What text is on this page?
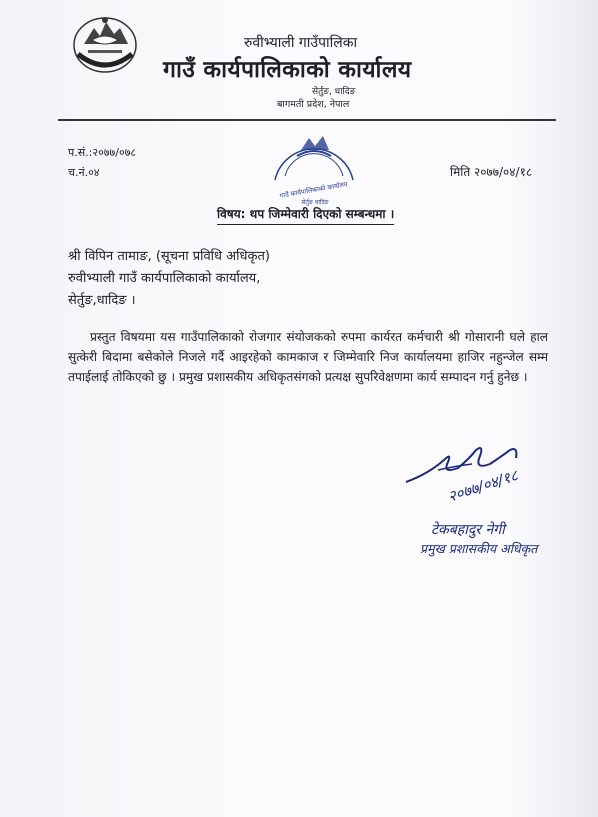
रुवीभ्याली गाउँपालिका
गाउँ कार्यपालिकाको कार्यालय
सेर्तुङ, धादिङ
बागमती प्रदेश, नेपाल
गाउँ कार्यपालिकाको कार्यालय
सेर्तुङ धादिङ
प.सं.:२०७७/०७८
च.नं.०४	मिति २०७७/०४/१८
विषय: थप जिम्मेवारी दिएको सम्बन्धमा ।
श्री विपिन तामाङ, (सूचना प्रविधि अधिकृत)
रुवीभ्याली गाउँ कार्यपालिकाको कार्यालय,
सेर्तुङ,धादिङ ।
प्रस्तुत विषयमा यस गाउँपालिकाको रोजगार संयोजकको रुपमा कार्यरत कर्मचारी श्री गोसारानी घले हाल सुत्केरी बिदामा बसेकोले निजले गर्दै आइरहेको कामकाज र जिम्मेवारि निज कार्यालयमा हाजिर नहुन्जेल सम्म तपाईलाई तोकिएको छु । प्रमुख प्रशासकीय अधिकृतसंगको प्रत्यक्ष सुपरिवेक्षणमा कार्य सम्पादन गर्नु हुनेछ ।
२०७७/०४/१८
टेकबहादुर नेगी
प्रमुख प्रशासकीय अधिकृत
